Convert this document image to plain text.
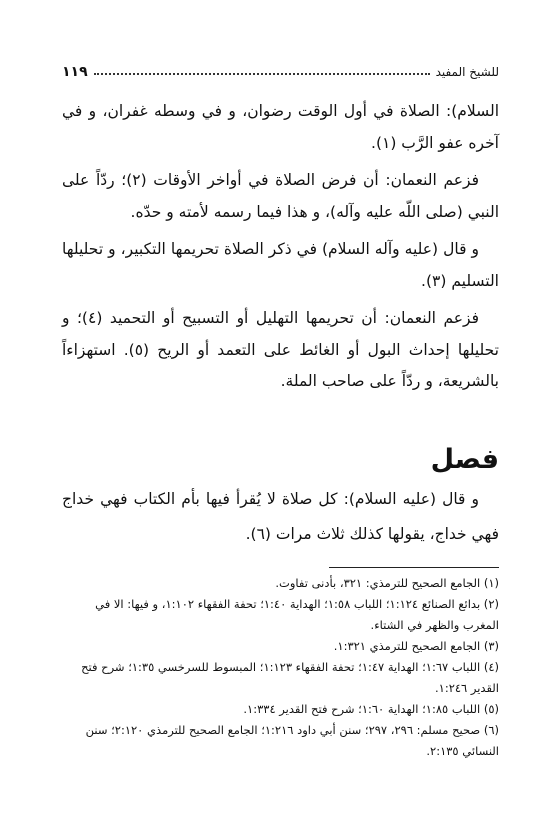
للشيخ المفيد
١١٩

السلام): الصلاة في أول الوقت رضوان، و في وسطه غفران، و في آخره عفو الرَّب (١).

فزعم النعمان: أن فرض الصلاة في أواخر الأوقات (٢)؛ ردّاً على النبي (صلى اللّه عليه وآله)، و هذا فيما رسمه لأمته و حدّه.

و قال (عليه وآله السلام) في ذكر الصلاة تحريمها التكبير، و تحليلها التسليم (٣).

فزعم النعمان: أن تحريمها التهليل أو التسبيح أو التحميد (٤)؛ و تحليلها إحداث البول أو الغائط على التعمد أو الريح (٥). استهزاءاً بالشريعة، و ردّاً على صاحب الملة.

فصل

و قال (عليه السلام): كل صلاة لا يُقرأ فيها بأم الكتاب فهي خداج فهي خداج، يقولها كذلك ثلاث مرات (٦).

(١) الجامع الصحيح للترمذي: ٣٢١، بأدنى تفاوت.
(٢) بدائع الصنائع ١:١٢٤؛ اللباب ١:٥٨؛ الهداية ١:٤٠؛ تحفة الفقهاء ١:١٠٢، و فيها: الا في المغرب والظهر في الشتاء.
(٣) الجامع الصحيح للترمذي ١:٣٢١.
(٤) اللباب ١:٦٧؛ الهداية ١:٤٧؛ تحفة الفقهاء ١:١٢٣؛ المبسوط للسرخسي ١:٣٥؛ شرح فتح القدير ١:٢٤٦.
(٥) اللباب ١:٨٥؛ الهداية ١:٦٠؛ شرح فتح القدير ١:٣٣٤.
(٦) صحيح مسلم: ٢٩٦، ٢٩٧؛ سنن أبي داود ١:٢١٦؛ الجامع الصحيح للترمذي ٢:١٢٠؛ سنن النسائي ٢:١٣٥.
